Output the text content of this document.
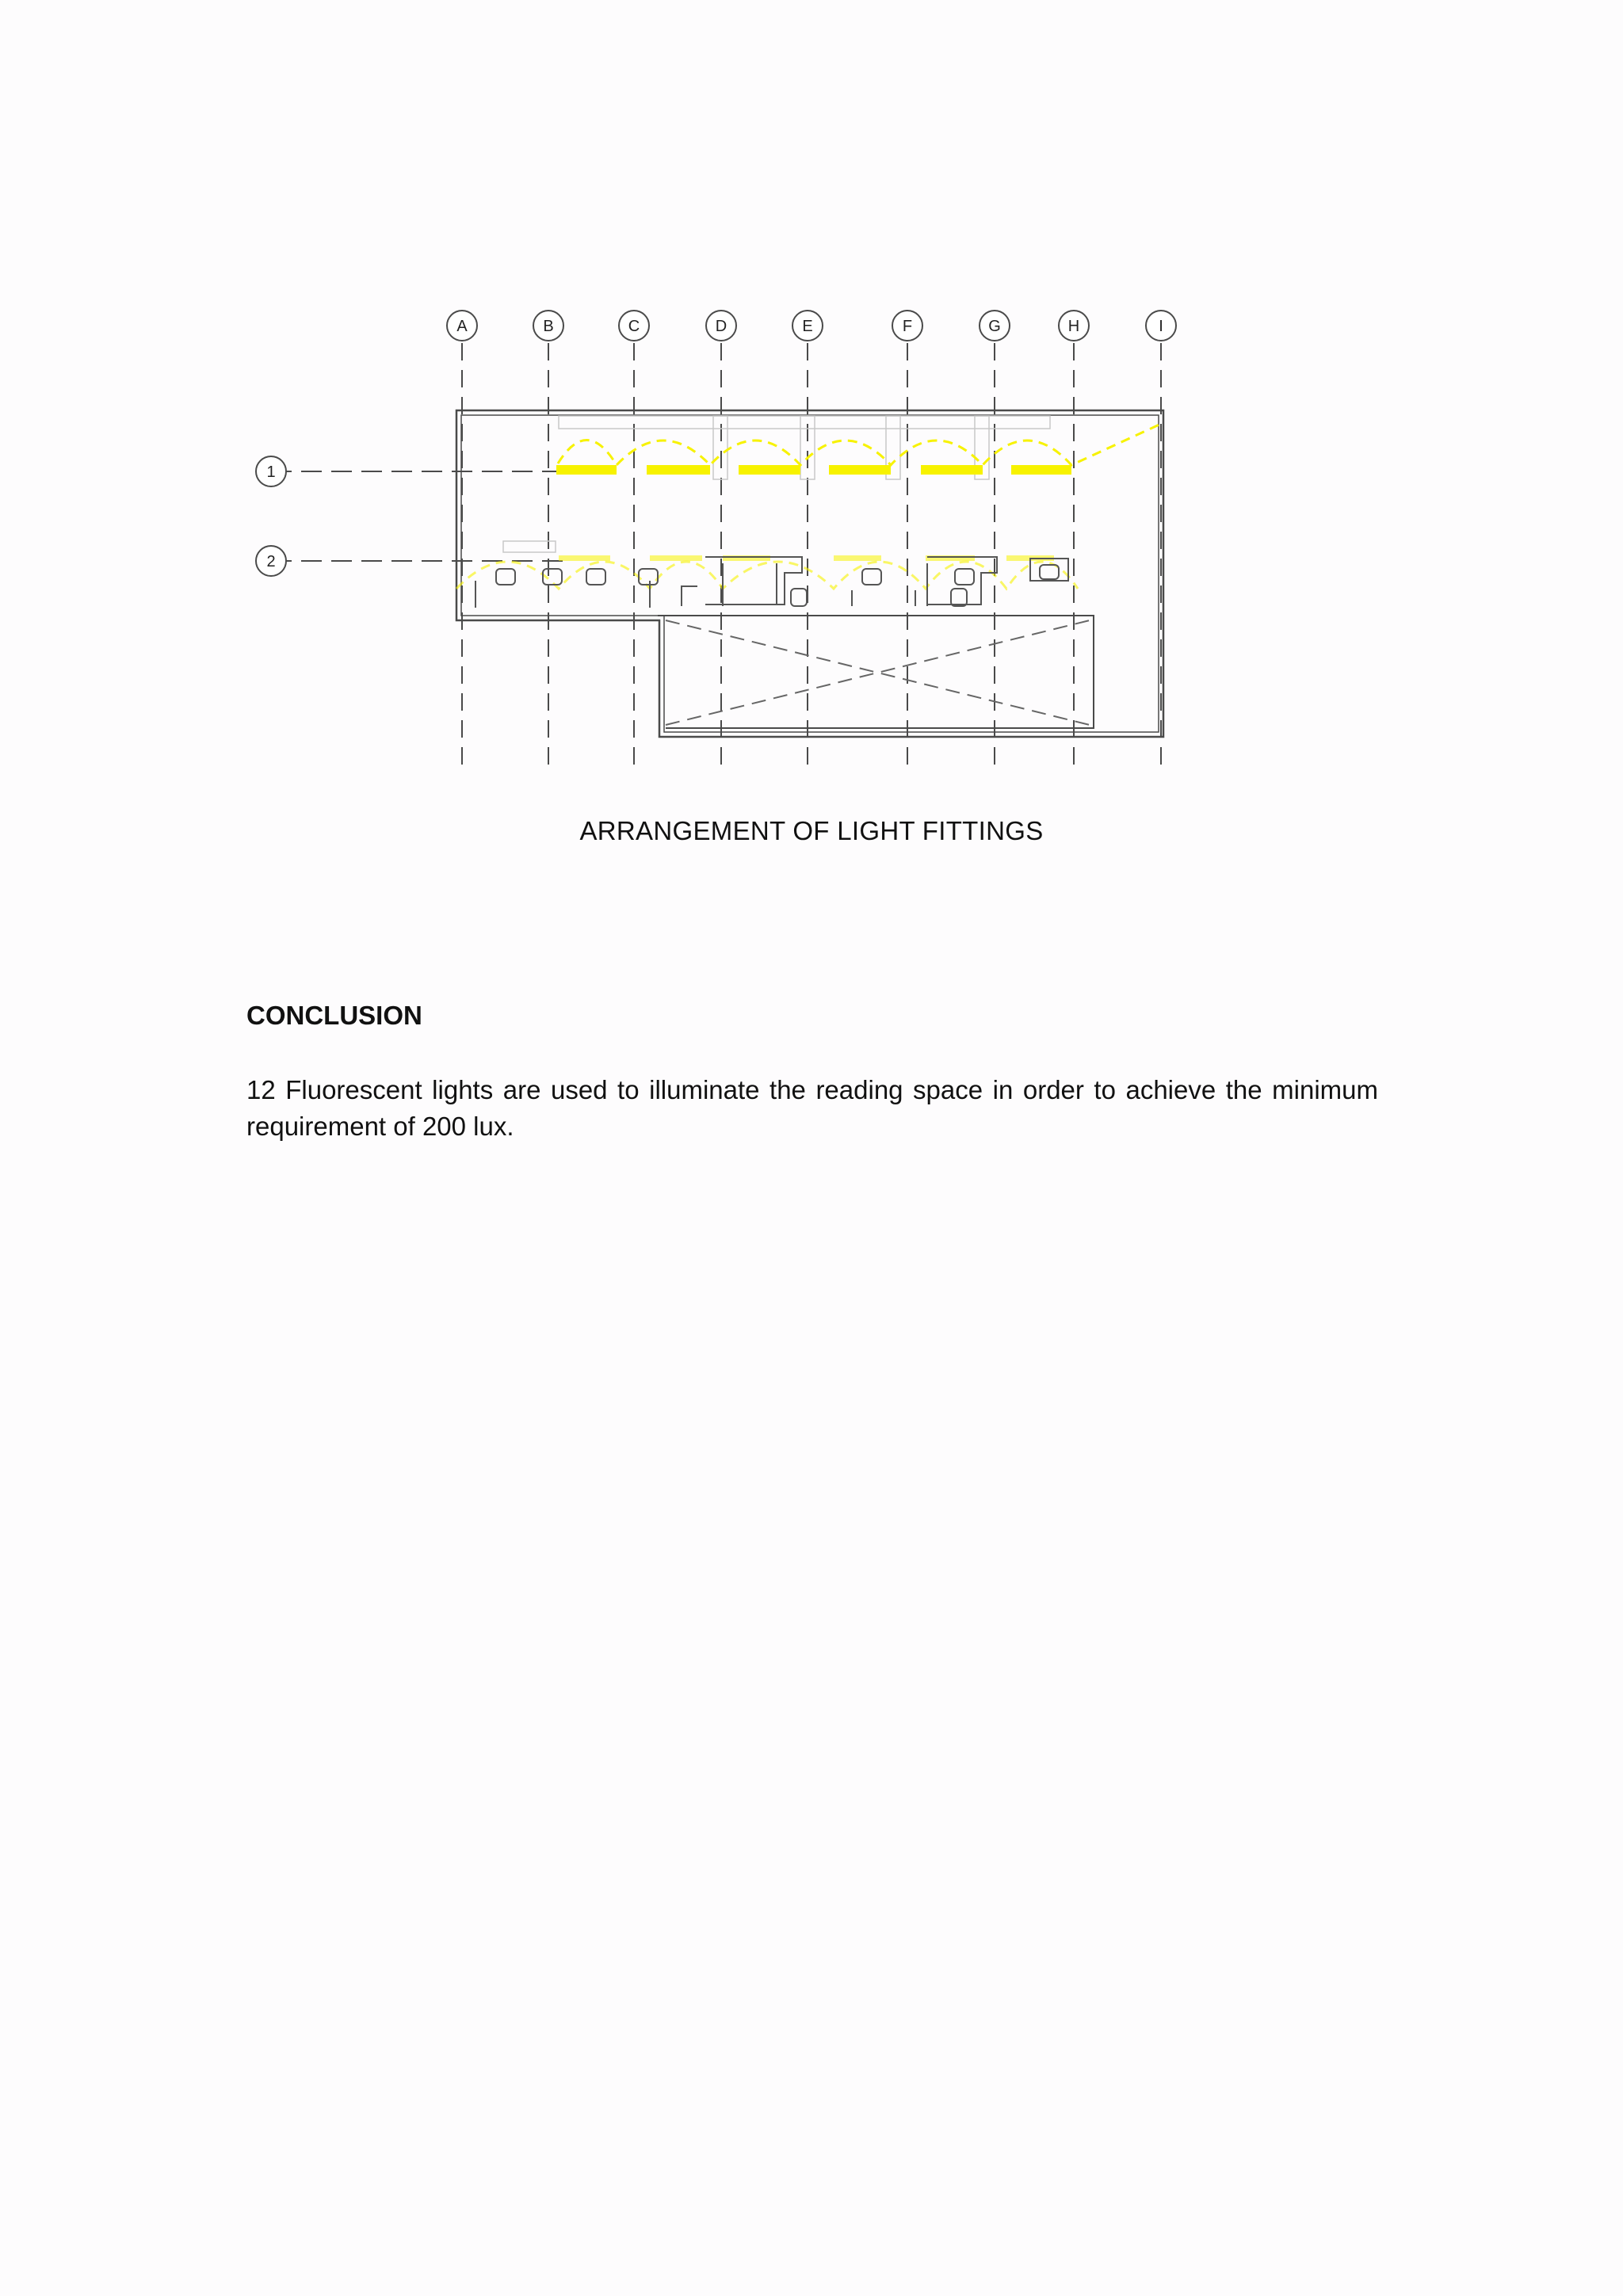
A	B	C	D	E	F	G	H	I
1
2
ARRANGEMENT OF LIGHT FITTINGS
CONCLUSION
12 Fluorescent lights are used to illuminate the reading space in order to achieve the minimum requirement of 200 lux.
